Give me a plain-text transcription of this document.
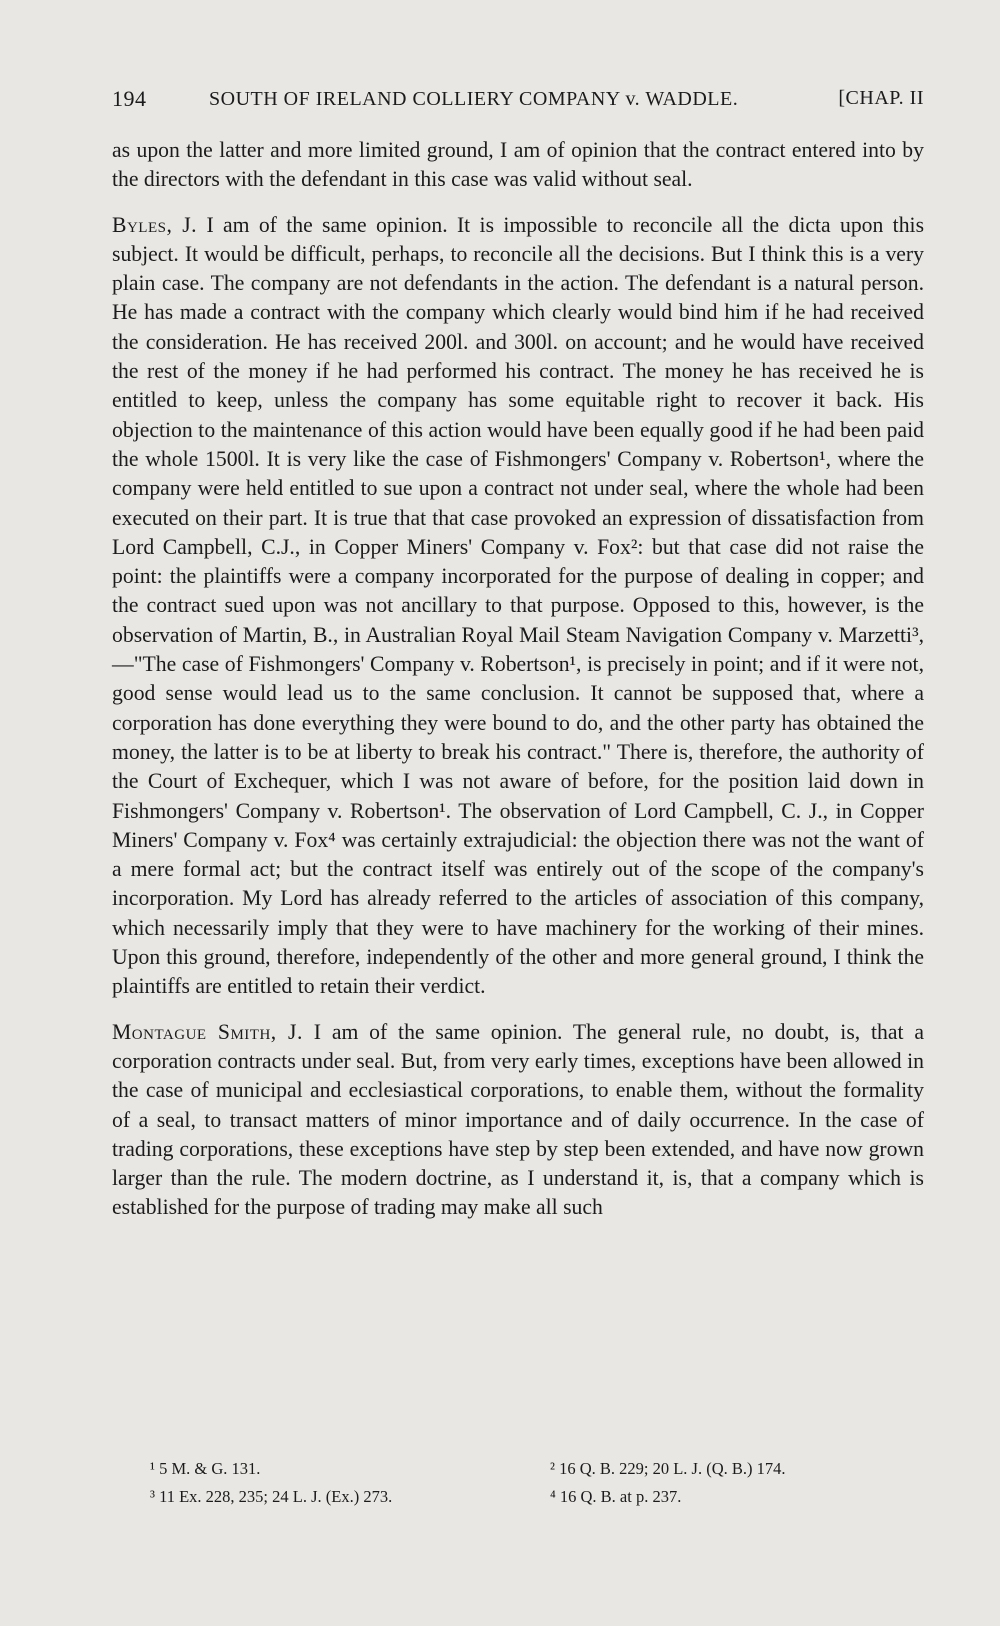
194	SOUTH OF IRELAND COLLIERY COMPANY v. WADDLE.	[CHAP. II

as upon the latter and more limited ground, I am of opinion that the contract entered into by the directors with the defendant in this case was valid without seal.

Byles, J. I am of the same opinion. It is impossible to reconcile all the dicta upon this subject. It would be difficult, perhaps, to reconcile all the decisions. But I think this is a very plain case. The company are not defendants in the action. The defendant is a natural person. He has made a contract with the company which clearly would bind him if he had received the consideration. He has received 200l. and 300l. on account; and he would have received the rest of the money if he had performed his contract. The money he has received he is entitled to keep, unless the company has some equitable right to recover it back. His objection to the maintenance of this action would have been equally good if he had been paid the whole 1500l. It is very like the case of Fishmongers' Company v. Robertson¹, where the company were held entitled to sue upon a contract not under seal, where the whole had been executed on their part. It is true that that case provoked an expression of dissatisfaction from Lord Campbell, C.J., in Copper Miners' Company v. Fox²: but that case did not raise the point: the plaintiffs were a company incorporated for the purpose of dealing in copper; and the contract sued upon was not ancillary to that purpose. Opposed to this, however, is the observation of Martin, B., in Australian Royal Mail Steam Navigation Company v. Marzetti³,—"The case of Fishmongers' Company v. Robertson¹, is precisely in point; and if it were not, good sense would lead us to the same conclusion. It cannot be supposed that, where a corporation has done everything they were bound to do, and the other party has obtained the money, the latter is to be at liberty to break his contract." There is, therefore, the authority of the Court of Exchequer, which I was not aware of before, for the position laid down in Fishmongers' Company v. Robertson¹. The observation of Lord Campbell, C. J., in Copper Miners' Company v. Fox⁴ was certainly extrajudicial: the objection there was not the want of a mere formal act; but the contract itself was entirely out of the scope of the company's incorporation. My Lord has already referred to the articles of association of this company, which necessarily imply that they were to have machinery for the working of their mines. Upon this ground, therefore, independently of the other and more general ground, I think the plaintiffs are entitled to retain their verdict.

Montague Smith, J. I am of the same opinion. The general rule, no doubt, is, that a corporation contracts under seal. But, from very early times, exceptions have been allowed in the case of municipal and ecclesiastical corporations, to enable them, without the formality of a seal, to transact matters of minor importance and of daily occurrence. In the case of trading corporations, these exceptions have step by step been extended, and have now grown larger than the rule. The modern doctrine, as I understand it, is, that a company which is established for the purpose of trading may make all such

¹ 5 M. & G. 131.	² 16 Q. B. 229; 20 L. J. (Q. B.) 174.
³ 11 Ex. 228, 235; 24 L. J. (Ex.) 273.	⁴ 16 Q. B. at p. 237.
